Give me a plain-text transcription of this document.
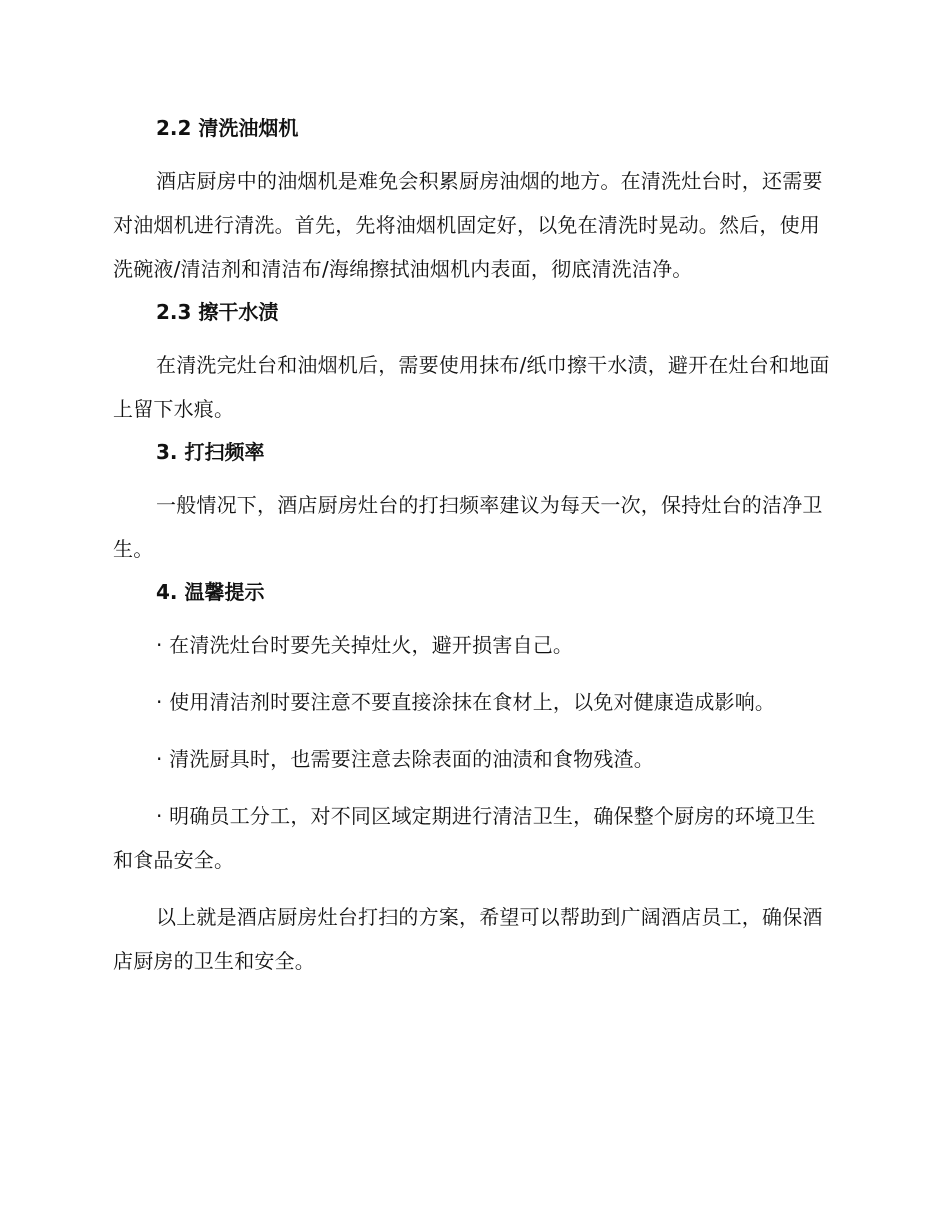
2.2 清洗油烟机

酒店厨房中的油烟机是难免会积累厨房油烟的地方。在清洗灶台时，还需要对油烟机进行清洗。首先，先将油烟机固定好，以免在清洗时晃动。然后，使用洗碗液/清洁剂和清洁布/海绵擦拭油烟机内表面，彻底清洗洁净。

2.3 擦干水渍

在清洗完灶台和油烟机后，需要使用抹布/纸巾擦干水渍，避开在灶台和地面上留下水痕。

3. 打扫频率

一般情况下，酒店厨房灶台的打扫频率建议为每天一次，保持灶台的洁净卫生。

4. 温馨提示

· 在清洗灶台时要先关掉灶火，避开损害自己。

· 使用清洁剂时要注意不要直接涂抹在食材上，以免对健康造成影响。

· 清洗厨具时，也需要注意去除表面的油渍和食物残渣。

· 明确员工分工，对不同区域定期进行清洁卫生，确保整个厨房的环境卫生和食品安全。

以上就是酒店厨房灶台打扫的方案，希望可以帮助到广阔酒店员工，确保酒店厨房的卫生和安全。
